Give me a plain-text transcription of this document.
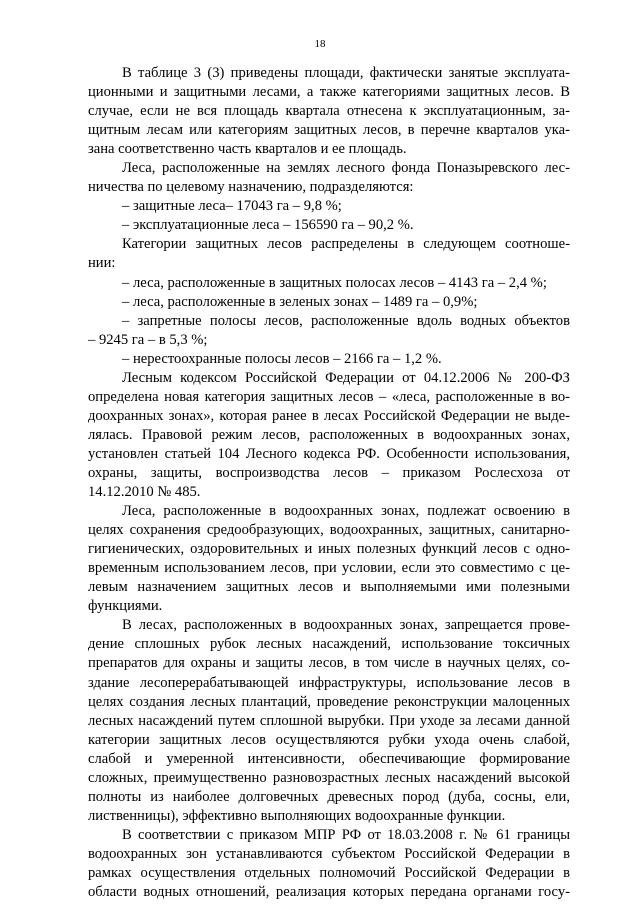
18
В таблице 3 (3) приведены площади, фактически занятые эксплуата-
ционными и защитными лесами, а также категориями защитных лесов. В
случае, если не вся площадь квартала отнесена к эксплуатационным, за-
щитным лесам или категориям защитных лесов, в перечне кварталов ука-
зана соответственно часть кварталов и ее площадь.
Леса, расположенные на землях лесного фонда Поназыревского лес-
ничества по целевому назначению, подразделяются:
– защитные леса– 17043 га – 9,8 %;
– эксплуатационные леса – 156590 га – 90,2 %.
Категории защитных лесов распределены в следующем соотноше-
нии:
– леса, расположенные в защитных полосах лесов – 4143 га – 2,4 %;
– леса, расположенные в зеленых зонах – 1489 га – 0,9%;
– запретные полосы лесов, расположенные вдоль водных объектов
– 9245 га – в 5,3 %;
– нерестоохранные полосы лесов – 2166 га – 1,2 %.
Лесным кодексом Российской Федерации от 04.12.2006 № 200-ФЗ
определена новая категория защитных лесов – «леса, расположенные в во-
доохранных зонах», которая ранее в лесах Российской Федерации не выде-
лялась. Правовой режим лесов, расположенных в водоохранных зонах,
установлен статьей 104 Лесного кодекса РФ. Особенности использования,
охраны, защиты, воспроизводства лесов – приказом Рослесхоза от
14.12.2010 № 485.
Леса, расположенные в водоохранных зонах, подлежат освоению в
целях сохранения средообразующих, водоохранных, защитных, санитарно-
гигиенических, оздоровительных и иных полезных функций лесов с одно-
временным использованием лесов, при условии, если это совместимо с це-
левым назначением защитных лесов и выполняемыми ими полезными
функциями.
В лесах, расположенных в водоохранных зонах, запрещается прове-
дение сплошных рубок лесных насаждений, использование токсичных
препаратов для охраны и защиты лесов, в том числе в научных целях, со-
здание лесоперерабатывающей инфраструктуры, использование лесов в
целях создания лесных плантаций, проведение реконструкции малоценных
лесных насаждений путем сплошной вырубки. При уходе за лесами данной
категории защитных лесов осуществляются рубки ухода очень слабой,
слабой и умеренной интенсивности, обеспечивающие формирование
сложных, преимущественно разновозрастных лесных насаждений высокой
полноты из наиболее долговечных древесных пород (дуба, сосны, ели,
лиственницы), эффективно выполняющих водоохранные функции.
В соответствии с приказом МПР РФ от 18.03.2008 г. № 61 границы
водоохранных зон устанавливаются субъектом Российской Федерации в
рамках осуществления отдельных полномочий Российской Федерации в
области водных отношений, реализация которых передана органами госу-
